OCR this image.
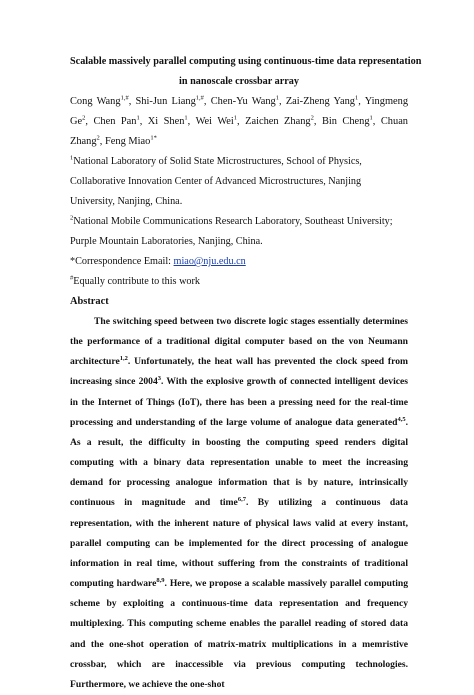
Scalable massively parallel computing using continuous-time data representation
in nanoscale crossbar array

Cong Wang$^{1,\#}$, Shi-Jun Liang$^{1,\#}$, Chen-Yu Wang$^1$, Zai-Zheng Yang$^1$, Yingmeng Ge$^2$, Chen Pan$^1$, Xi Shen$^1$, Wei Wei$^1$, Zaichen Zhang$^2$, Bin Cheng$^1$, Chuan Zhang$^2$, Feng Miao$^{1*}$

$^1$National Laboratory of Solid State Microstructures, School of Physics, Collaborative Innovation Center of Advanced Microstructures, Nanjing University, Nanjing, China.

$^2$National Mobile Communications Research Laboratory, Southeast University; Purple Mountain Laboratories, Nanjing, China.

*Correspondence Email: miao@nju.edu.cn

#Equally contribute to this work

Abstract

The switching speed between two discrete logic stages essentially determines the performance of a traditional digital computer based on the von Neumann architecture$^{1,2}$. Unfortunately, the heat wall has prevented the clock speed from increasing since 2004$^3$. With the explosive growth of connected intelligent devices in the Internet of Things (IoT), there has been a pressing need for the real-time processing and understanding of the large volume of analogue data generated$^{4,5}$. As a result, the difficulty in boosting the computing speed renders digital computing with a binary data representation unable to meet the increasing demand for processing analogue information that is by nature, intrinsically continuous in magnitude and time$^{6,7}$. By utilizing a continuous data representation, with the inherent nature of physical laws valid at every instant, parallel computing can be implemented for the direct processing of analogue information in real time, without suffering from the constraints of traditional computing hardware$^{8,9}$. Here, we propose a scalable massively parallel computing scheme by exploiting a continuous-time data representation and frequency multiplexing. This computing scheme enables the parallel reading of stored data and the one-shot operation of matrix-matrix multiplications in a memristive crossbar, which are inaccessible via previous computing technologies. Furthermore, we achieve the one-shot
